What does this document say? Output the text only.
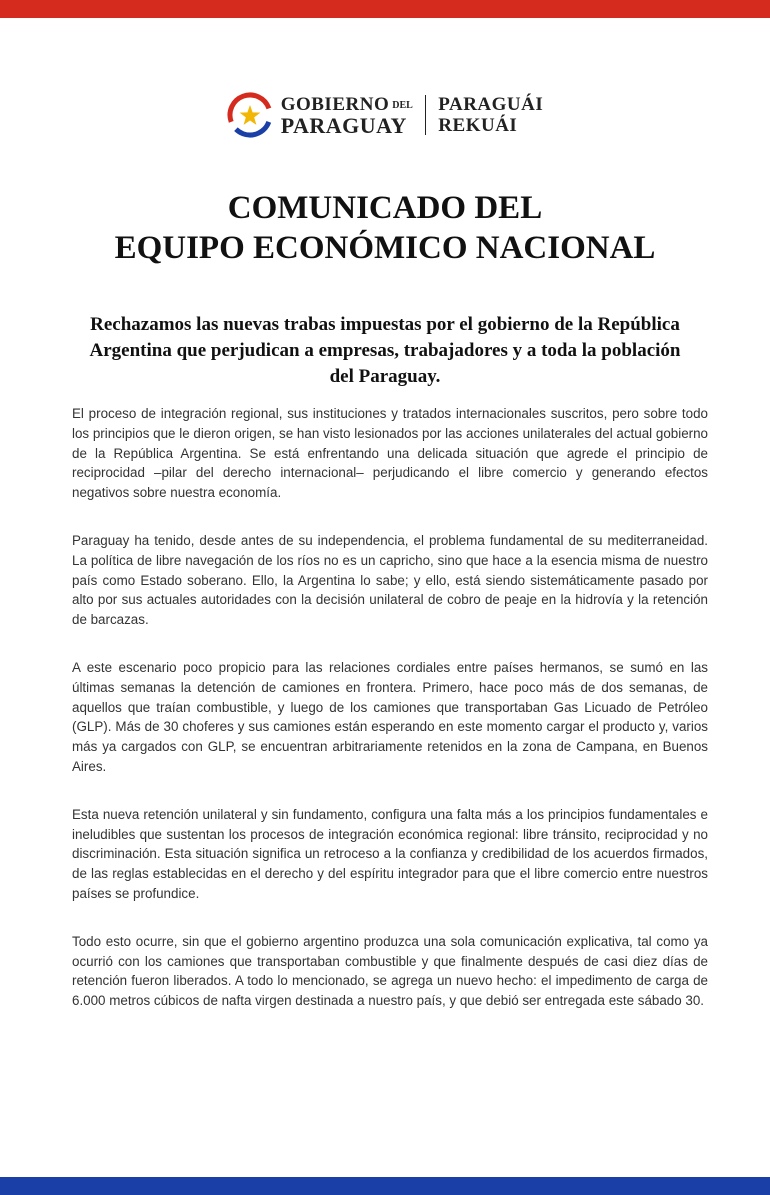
GOBIERNO DEL
PARAGUAY
PARAGUÁI
REKUÁI
COMUNICADO DEL
EQUIPO ECONÓMICO NACIONAL
Rechazamos las nuevas trabas impuestas por el gobierno de la República Argentina que perjudican a empresas, trabajadores y a toda la población del Paraguay.

El proceso de integración regional, sus instituciones y tratados internacionales suscritos, pero sobre todo los principios que le dieron origen, se han visto lesionados por las acciones unilaterales del actual gobierno de la República Argentina. Se está enfrentando una delicada situación que agrede el principio de reciprocidad –pilar del derecho internacional– perjudicando el libre comercio y generando efectos negativos sobre nuestra economía.

Paraguay ha tenido, desde antes de su independencia, el problema fundamental de su mediterraneidad. La política de libre navegación de los ríos no es un capricho, sino que hace a la esencia misma de nuestro país como Estado soberano. Ello, la Argentina lo sabe; y ello, está siendo sistemáticamente pasado por alto por sus actuales autoridades con la decisión unilateral de cobro de peaje en la hidrovía y la retención de barcazas.

A este escenario poco propicio para las relaciones cordiales entre países hermanos, se sumó en las últimas semanas la detención de camiones en frontera. Primero, hace poco más de dos semanas, de aquellos que traían combustible, y luego de los camiones que transportaban Gas Licuado de Petróleo (GLP). Más de 30 choferes y sus camiones están esperando en este momento cargar el producto y, varios más ya cargados con GLP, se encuentran arbitrariamente retenidos en la zona de Campana, en Buenos Aires.

Esta nueva retención unilateral y sin fundamento, configura una falta más a los principios fundamentales e ineludibles que sustentan los procesos de integración económica regional: libre tránsito, reciprocidad y no discriminación. Esta situación significa un retroceso a la confianza y credibilidad de los acuerdos firmados, de las reglas establecidas en el derecho y del espíritu integrador para que el libre comercio entre nuestros países se profundice.

Todo esto ocurre, sin que el gobierno argentino produzca una sola comunicación explicativa, tal como ya ocurrió con los camiones que transportaban combustible y que finalmente después de casi diez días de retención fueron liberados. A todo lo mencionado, se agrega un nuevo hecho: el impedimento de carga de 6.000 metros cúbicos de nafta virgen destinada a nuestro país, y que debió ser entregada este sábado 30.
